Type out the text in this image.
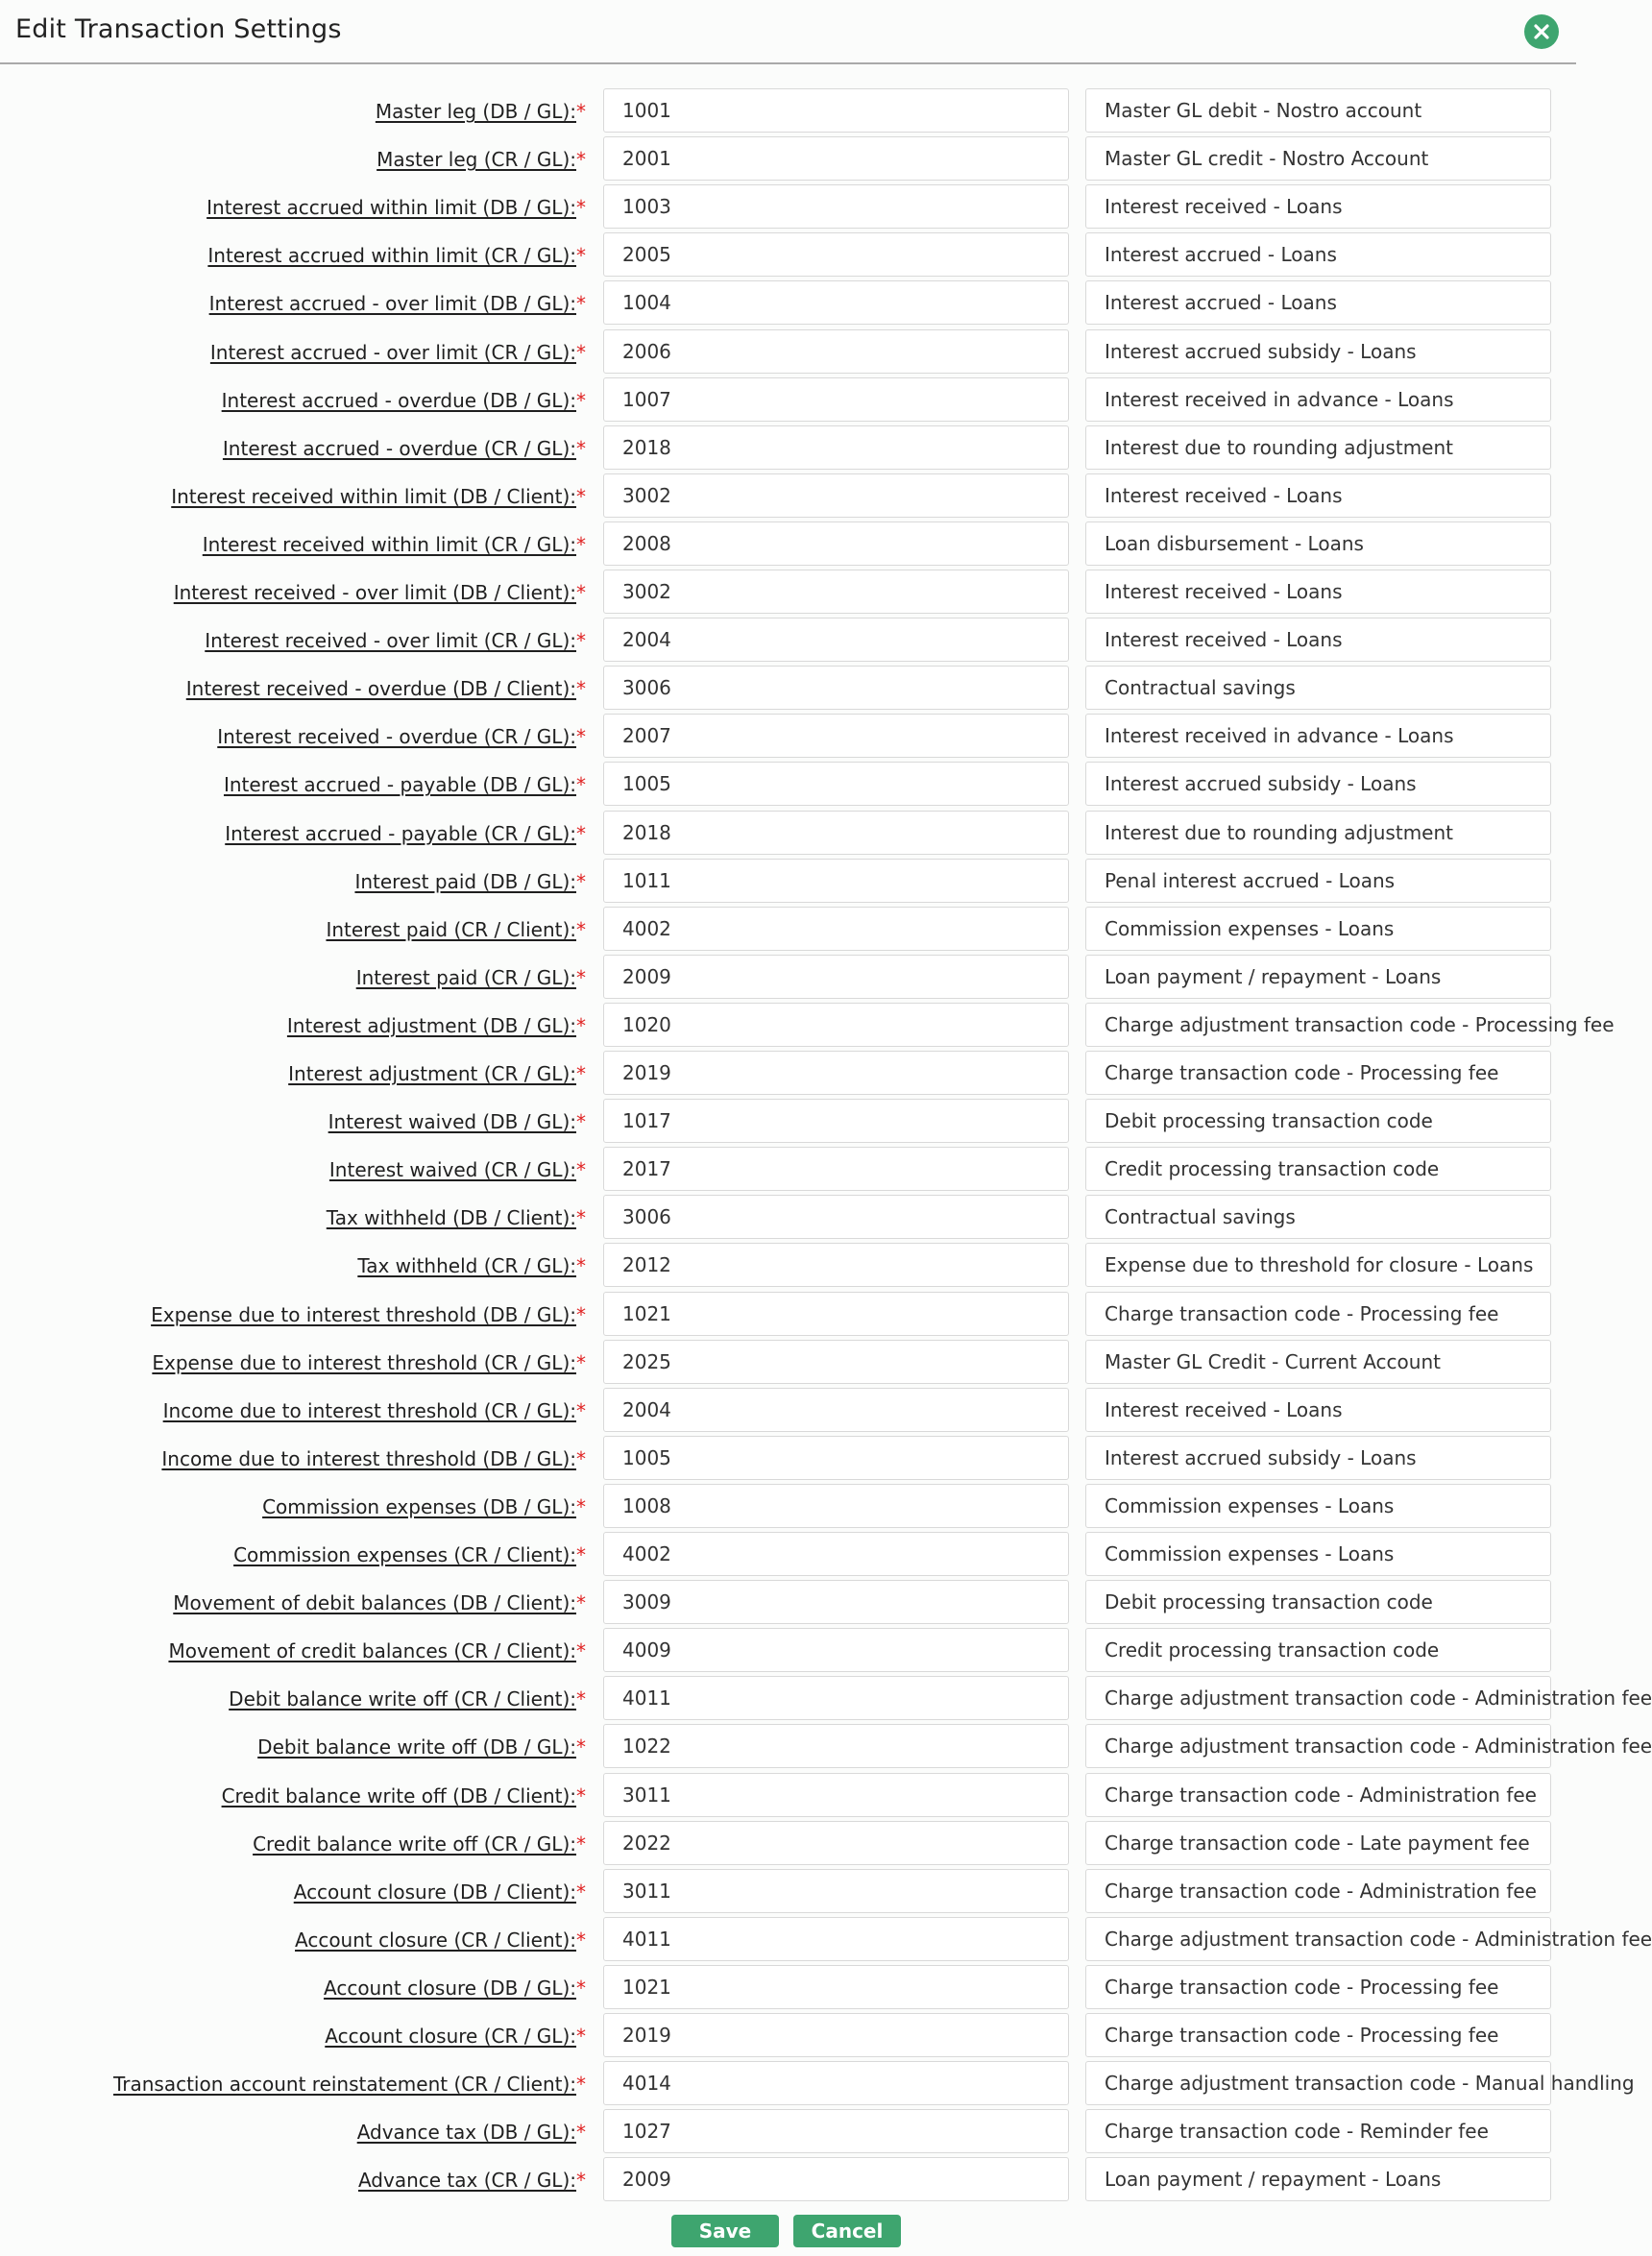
Edit Transaction Settings
Master leg (DB / GL):*
1001	Master GL debit - Nostro account
Master leg (CR / GL):*
2001	Master GL credit - Nostro Account
Interest accrued within limit (DB / GL):*
1003	Interest received - Loans
Interest accrued within limit (CR / GL):*
2005	Interest accrued - Loans
Interest accrued - over limit (DB / GL):*
1004	Interest accrued - Loans
Interest accrued - over limit (CR / GL):*
2006	Interest accrued subsidy - Loans
Interest accrued - overdue (DB / GL):*
1007	Interest received in advance - Loans
Interest accrued - overdue (CR / GL):*
2018	Interest due to rounding adjustment
Interest received within limit (DB / Client):*
3002	Interest received - Loans
Interest received within limit (CR / GL):*
2008	Loan disbursement - Loans
Interest received - over limit (DB / Client):*
3002	Interest received - Loans
Interest received - over limit (CR / GL):*
2004	Interest received - Loans
Interest received - overdue (DB / Client):*
3006	Contractual savings
Interest received - overdue (CR / GL):*
2007	Interest received in advance - Loans
Interest accrued - payable (DB / GL):*
1005	Interest accrued subsidy - Loans
Interest accrued - payable (CR / GL):*
2018	Interest due to rounding adjustment
Interest paid (DB / GL):*
1011	Penal interest accrued - Loans
Interest paid (CR / Client):*
4002	Commission expenses - Loans
Interest paid (CR / GL):*
2009	Loan payment / repayment - Loans
Interest adjustment (DB / GL):*
1020	Charge adjustment transaction code - Processing fee
Interest adjustment (CR / GL):*
2019	Charge transaction code - Processing fee
Interest waived (DB / GL):*
1017	Debit processing transaction code
Interest waived (CR / GL):*
2017	Credit processing transaction code
Tax withheld (DB / Client):*
3006	Contractual savings
Tax withheld (CR / GL):*
2012	Expense due to threshold for closure - Loans
Expense due to interest threshold (DB / GL):*
1021	Charge transaction code - Processing fee
Expense due to interest threshold (CR / GL):*
2025	Master GL Credit - Current Account
Income due to interest threshold (CR / GL):*
2004	Interest received - Loans
Income due to interest threshold (DB / GL):*
1005	Interest accrued subsidy - Loans
Commission expenses (DB / GL):*
1008	Commission expenses - Loans
Commission expenses (CR / Client):*
4002	Commission expenses - Loans
Movement of debit balances (DB / Client):*
3009	Debit processing transaction code
Movement of credit balances (CR / Client):*
4009	Credit processing transaction code
Debit balance write off (CR / Client):*
4011	Charge adjustment transaction code - Administration fee
Debit balance write off (DB / GL):*
1022	Charge adjustment transaction code - Administration fee
Credit balance write off (DB / Client):*
3011	Charge transaction code - Administration fee
Credit balance write off (CR / GL):*
2022	Charge transaction code - Late payment fee
Account closure (DB / Client):*
3011	Charge transaction code - Administration fee
Account closure (CR / Client):*
4011	Charge adjustment transaction code - Administration fee
Account closure (DB / GL):*
1021	Charge transaction code - Processing fee
Account closure (CR / GL):*
2019	Charge transaction code - Processing fee
Transaction account reinstatement (CR / Client):*
4014	Charge adjustment transaction code - Manual handling
Advance tax (DB / GL):*
1027	Charge transaction code - Reminder fee
Advance tax (CR / GL):*
2009	Loan payment / repayment - Loans
Save	Cancel
